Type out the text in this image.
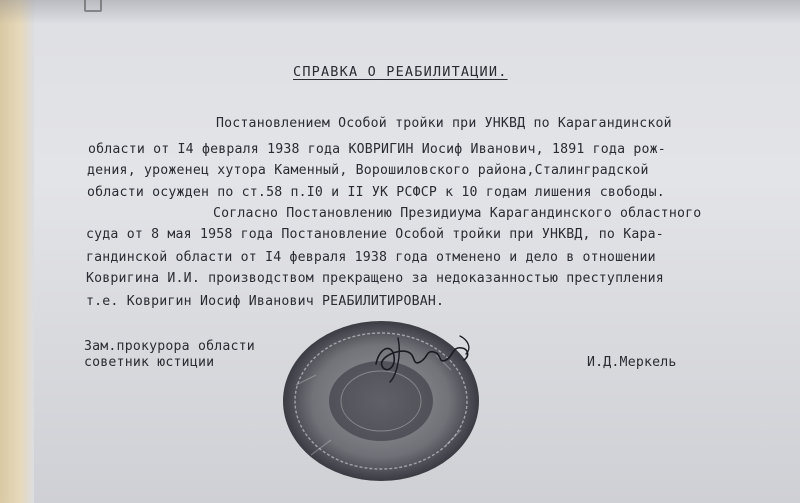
СПРАВКА О РЕАБИЛИТАЦИИ.

Постановлением Особой тройки при УНКВД по Карагандинской

области от I4 февраля 1938 года КОВРИГИН Иосиф Иванович, 1891 года рож-

дения, уроженец хутора Каменный, Ворошиловского района,Сталинградской

области осужден по ст.58 п.I0 и II УК РСФСР к 10 годам лишения свободы.

Согласно Постановлению Президиума Карагандинского областного

суда от 8 мая 1958 года Постановление Особой тройки при УНКВД, по Кара-

гандинской области от I4 февраля 1938 года отменено и дело в отношении

Ковригина И.И. производством прекращено за недоказанностью преступления

т.е. Ковригин Иосиф Иванович РЕАБИЛИТИРОВАН.

Зам.прокурора области

советник юстиции	И.Д.Меркель
